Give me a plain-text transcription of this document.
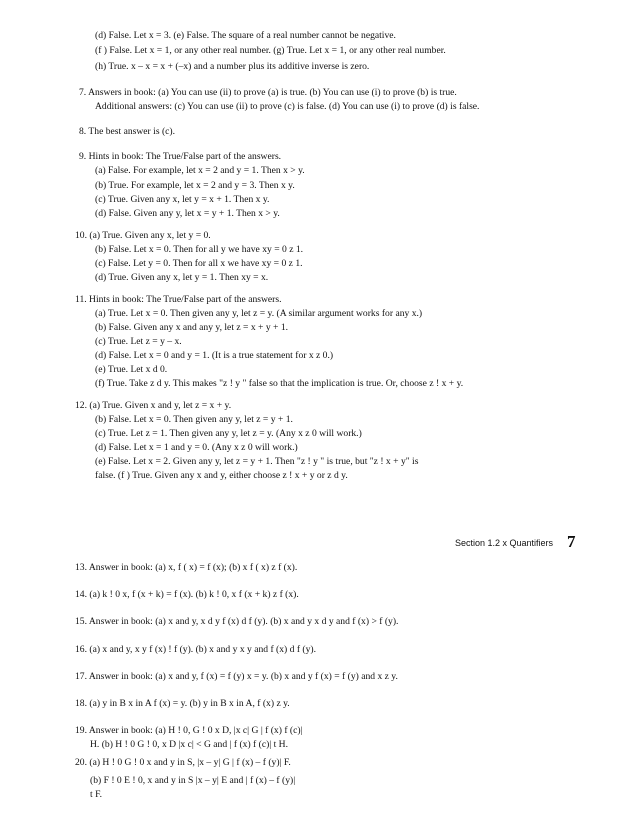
(d) False. Let x = 3. (e) False. The square of a real number cannot be negative.
(f ) False. Let x = 1, or any other real number. (g) True. Let x = 1, or any other real number.
(h) True. x – x = x + (–x) and a number plus its additive inverse is zero.
7. Answers in book: (a) You can use (ii) to prove (a) is true. (b) You can use (i) to prove (b) is true.
Additional answers: (c) You can use (ii) to prove (c) is false. (d) You can use (i) to prove (d) is false.
8. The best answer is (c).
9. Hints in book: The True/False part of the answers.
(a) False. For example, let x = 2 and y = 1. Then x > y.
(b) True. For example, let x = 2 and y = 3. Then x y.
(c) True. Given any x, let y = x + 1. Then x y.
(d) False. Given any y, let x = y + 1. Then x > y.
10. (a) True. Given any x, let y = 0.
(b) False. Let x = 0. Then for all y we have xy = 0 z 1.
(c) False. Let y = 0. Then for all x we have xy = 0 z 1.
(d) True. Given any x, let y = 1. Then xy = x.
11. Hints in book: The True/False part of the answers.
(a) True. Let x = 0. Then given any y, let z = y. (A similar argument works for any x.)
(b) False. Given any x and any y, let z = x + y + 1.
(c) True. Let z = y – x.
(d) False. Let x = 0 and y = 1. (It is a true statement for x z 0.)
(e) True. Let x d 0.
(f) True. Take z d y. This makes "z ! y " false so that the implication is true. Or, choose z ! x + y.
12. (a) True. Given x and y, let z = x + y.
(b) False. Let x = 0. Then given any y, let z = y + 1.
(c) True. Let z = 1. Then given any y, let z = y. (Any x z 0 will work.)
(d) False. Let x = 1 and y = 0. (Any x z 0 will work.)
(e) False. Let x = 2. Given any y, let z = y + 1. Then "z ! y " is true, but "z ! x + y" is
false. (f ) True. Given any x and y, either choose z ! x + y or z d y.
Section 1.2 x Quantifiers 7
13. Answer in book: (a) x, f ( x) = f (x); (b) x f ( x) z f (x).
14. (a) k ! 0 x, f (x + k) = f (x). (b) k ! 0, x f (x + k) z f (x).
15. Answer in book: (a) x and y, x d y f (x) d f (y). (b) x and y x d y and f (x) > f (y).
16. (a) x and y, x y f (x) ! f (y). (b) x and y x y and f (x) d f (y).
17. Answer in book: (a) x and y, f (x) = f (y) x = y. (b) x and y f (x) = f (y) and x z y.
18. (a) y in B x in A f (x) = y. (b) y in B x in A, f (x) z y.
19. Answer in book: (a) H ! 0, G ! 0 x D, |x c| G | f (x) f (c)|
H. (b) H ! 0 G ! 0, x D |x c| < G and | f (x) f (c)| t H.
20. (a) H ! 0 G ! 0 x and y in S, |x – y| G | f (x) – f (y)| F.
(b) F ! 0 E ! 0, x and y in S |x – y| E and | f (x) – f (y)|
t F.
